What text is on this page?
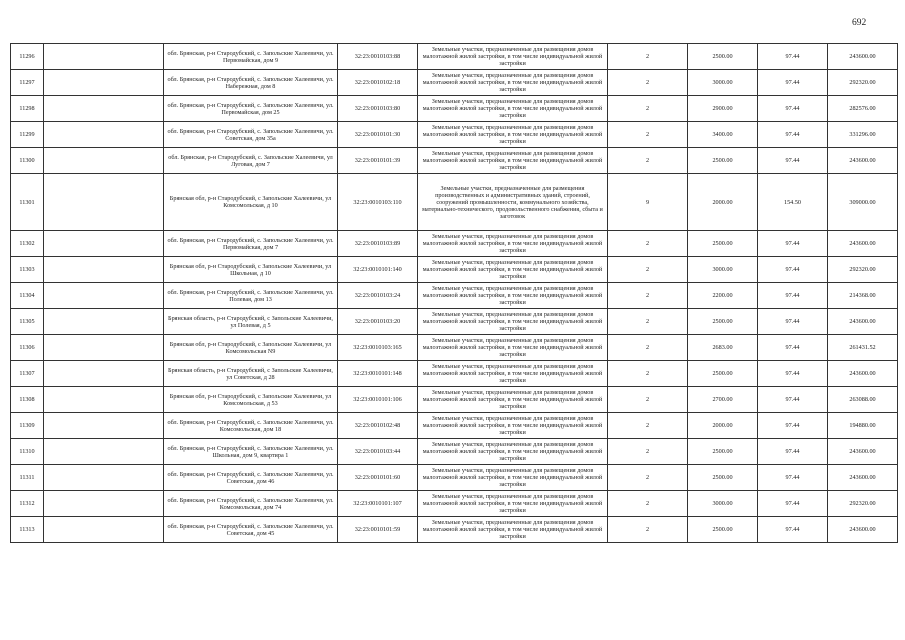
692
11296		обл. Брянская, р-н Стародубский, с. Запольские Халеевичи, ул. Первомайская, дом 9	32:23:0010103:88	Земельные участки, предназначенные для размещения домов малоэтажной жилой застройки, в том числе индивидуальной жилой застройки	2	2500.00	97.44	243600.00
11297		обл. Брянская, р-н Стародубский, с. Запольские Халеевичи, ул. Набережная, дом 8	32:23:0010102:18	Земельные участки, предназначенные для размещения домов малоэтажной жилой застройки, в том числе индивидуальной жилой застройки	2	3000.00	97.44	292320.00
11298		обл. Брянская, р-н Стародубский, с. Запольские Халеевичи, ул. Первомайская, дом 25	32:23:0010103:80	Земельные участки, предназначенные для размещения домов малоэтажной жилой застройки, в том числе индивидуальной жилой застройки	2	2900.00	97.44	282576.00
11299		обл. Брянская, р-н Стародубский, с. Запольские Халеевичи, ул. Советская, дом 35а	32:23:0010101:30	Земельные участки, предназначенные для размещения домов малоэтажной жилой застройки, в том числе индивидуальной жилой застройки	2	3400.00	97.44	331296.00
11300		обл. Брянская, р-н Стародубский, с. Запольские Халеевичи, ул Луговая, дом 7	32:23:0010101:39	Земельные участки, предназначенные для размещения домов малоэтажной жилой застройки, в том числе индивидуальной жилой застройки	2	2500.00	97.44	243600.00
11301		Брянская обл, р-н Стародубский, с Запольские Халеевичи, ул Комсомольская, д 10	32:23:0010103:110	Земельные участки, предназначенные для размещения производственных и административных зданий, строений, сооружений промышленности, коммунального хозяйства, материально-технического, продовольственного снабжения, сбыта и заготовок	9	2000.00	154.50	309000.00
11302		обл. Брянская, р-н Стародубский, с. Запольские Халеевичи, ул. Первомайская, дом 7	32:23:0010103:89	Земельные участки, предназначенные для размещения домов малоэтажной жилой застройки, в том числе индивидуальной жилой застройки	2	2500.00	97.44	243600.00
11303		Брянская обл, р-н Стародубский, с Запольские Халеевичи, ул Школьная, д 10	32:23:0010101:140	Земельные участки, предназначенные для размещения домов малоэтажной жилой застройки, в том числе индивидуальной жилой застройки	2	3000.00	97.44	292320.00
11304		обл. Брянская, р-н Стародубский, с. Запольские Халеевичи, ул. Полевая, дом 13	32:23:0010103:24	Земельные участки, предназначенные для размещения домов малоэтажной жилой застройки, в том числе индивидуальной жилой застройки	2	2200.00	97.44	214368.00
11305		Брянская область, р-н Стародубский, с Запольские Халеевичи, ул Полевая, д 5	32:23:0010103:20	Земельные участки, предназначенные для размещения домов малоэтажной жилой застройки, в том числе индивидуальной жилой застройки	2	2500.00	97.44	243600.00
11306		Брянская обл, р-н Стародубский, с Запольские Халеевичи, ул Комсомольская N9	32:23:0010103:165	Земельные участки, предназначенные для размещения домов малоэтажной жилой застройки, в том числе индивидуальной жилой застройки	2	2683.00	97.44	261431.52
11307		Брянская область, р-н Стародубский, с Запольские Халеевичи, ул Советская, д 28	32:23:0010101:148	Земельные участки, предназначенные для размещения домов малоэтажной жилой застройки, в том числе индивидуальной жилой застройки	2	2500.00	97.44	243600.00
11308		Брянская обл, р-н Стародубский, с Запольские Халеевичи, ул Комсомольская, д 53	32:23:0010101:106	Земельные участки, предназначенные для размещения домов малоэтажной жилой застройки, в том числе индивидуальной жилой застройки	2	2700.00	97.44	263088.00
11309		обл. Брянская, р-н Стародубский, с. Запольские Халеевичи, ул. Комсомольская, дом 18	32:23:0010102:48	Земельные участки, предназначенные для размещения домов малоэтажной жилой застройки, в том числе индивидуальной жилой застройки	2	2000.00	97.44	194880.00
11310		обл. Брянская, р-н Стародубский, с. Запольские Халеевичи, ул. Школьная, дом 9, квартира 1	32:23:0010103:44	Земельные участки, предназначенные для размещения домов малоэтажной жилой застройки, в том числе индивидуальной жилой застройки	2	2500.00	97.44	243600.00
11311		обл. Брянская, р-н Стародубский, с. Запольские Халеевичи, ул. Советская, дом 46	32:23:0010101:60	Земельные участки, предназначенные для размещения домов малоэтажной жилой застройки, в том числе индивидуальной жилой застройки	2	2500.00	97.44	243600.00
11312		обл. Брянская, р-н Стародубский, с. Запольские Халеевичи, ул. Комсомольская, дом 74	32:23:0010101:107	Земельные участки, предназначенные для размещения домов малоэтажной жилой застройки, в том числе индивидуальной жилой застройки	2	3000.00	97.44	292320.00
11313		обл. Брянская, р-н Стародубский, с. Запольские Халеевичи, ул. Советская, дом 45	32:23:0010101:59	Земельные участки, предназначенные для размещения домов малоэтажной жилой застройки, в том числе индивидуальной жилой застройки	2	2500.00	97.44	243600.00
